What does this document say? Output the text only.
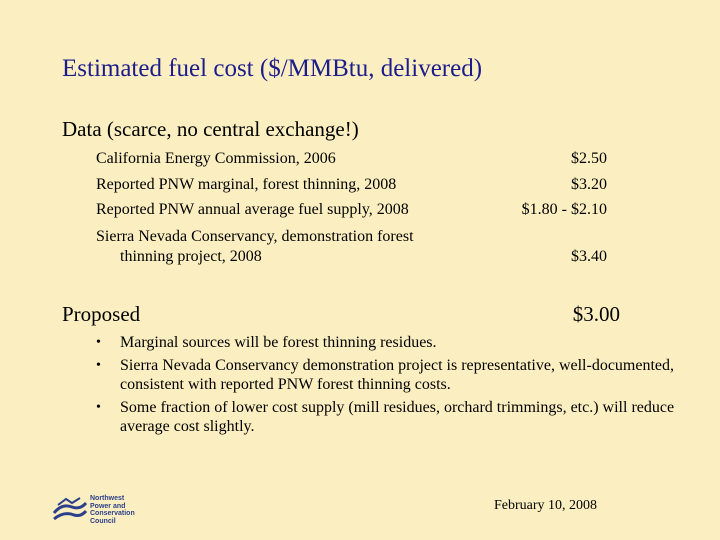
Estimated fuel cost ($/MMBtu, delivered)
Data (scarce, no central exchange!)
California Energy Commission, 2006	$2.50
Reported PNW marginal, forest thinning, 2008	$3.20
Reported PNW annual average fuel supply, 2008	$1.80 - $2.10
Sierra Nevada Conservancy, demonstration forest
thinning project, 2008	$3.40
Proposed	$3.00
•	Marginal sources will be forest thinning residues.
•	Sierra Nevada Conservancy demonstration project is representative, well-documented, consistent with reported PNW forest thinning costs.
•	Some fraction of lower cost supply (mill residues, orchard trimmings, etc.) will reduce average cost slightly.
Northwest
Power and
Conservation
Council
February 10, 2008
